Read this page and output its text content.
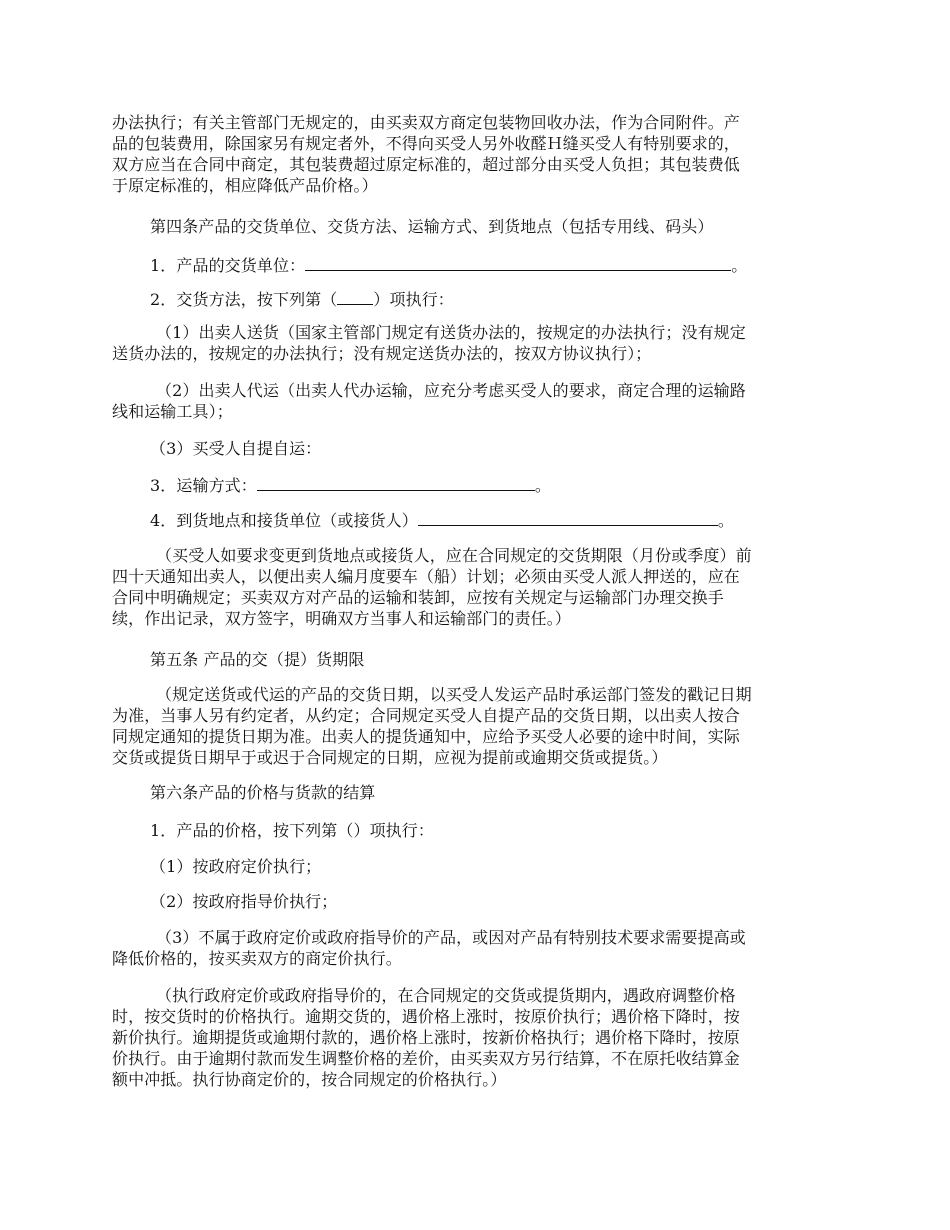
办法执行；有关主管部门无规定的，由买卖双方商定包装物回收办法，作为合同附件。产
品的包装费用，除国家另有规定者外，不得向买受人另外收醛Ｈ缝买受人有特别要求的，
双方应当在合同中商定，其包装费超过原定标准的，超过部分由买受人负担；其包装费低
于原定标准的，相应降低产品价格。）
第四条产品的交货单位、交货方法、运输方式、到货地点（包括专用线、码头）
1．产品的交货单位：	。
2．交货方法，按下列第（ ）项执行：
（1）出卖人送货（国家主管部门规定有送货办法的，按规定的办法执行；没有规定
送货办法的，按规定的办法执行；没有规定送货办法的，按双方协议执行）；
（2）出卖人代运（出卖人代办运输，应充分考虑买受人的要求，商定合理的运输路
线和运输工具）；
（3）买受人自提自运：
3．运输方式：	。
4．到货地点和接货单位（或接货人）	。
（买受人如要求变更到货地点或接货人，应在合同规定的交货期限（月份或季度）前
四十天通知出卖人，以便出卖人编月度要车（船）计划；必须由买受人派人押送的，应在
合同中明确规定；买卖双方对产品的运输和装卸，应按有关规定与运输部门办理交换手
续，作出记录，双方签字，明确双方当事人和运输部门的责任。）
第五条 产品的交（提）货期限
（规定送货或代运的产品的交货日期，以买受人发运产品时承运部门签发的戳记日期
为准，当事人另有约定者，从约定；合同规定买受人自提产品的交货日期，以出卖人按合
同规定通知的提货日期为准。出卖人的提货通知中，应给予买受人必要的途中时间，实际
交货或提货日期早于或迟于合同规定的日期，应视为提前或逾期交货或提货。）
第六条产品的价格与货款的结算
1．产品的价格，按下列第（）项执行：
（1）按政府定价执行；
（2）按政府指导价执行；
（3）不属于政府定价或政府指导价的产品，或因对产品有特别技术要求需要提高或
降低价格的，按买卖双方的商定价执行。
（执行政府定价或政府指导价的，在合同规定的交货或提货期内，遇政府调整价格
时，按交货时的价格执行。逾期交货的，遇价格上涨时，按原价执行；遇价格下降时，按
新价执行。逾期提货或逾期付款的，遇价格上涨时，按新价格执行；遇价格下降时，按原
价执行。由于逾期付款而发生调整价格的差价，由买卖双方另行结算，不在原托收结算金
额中冲抵。执行协商定价的，按合同规定的价格执行。）
